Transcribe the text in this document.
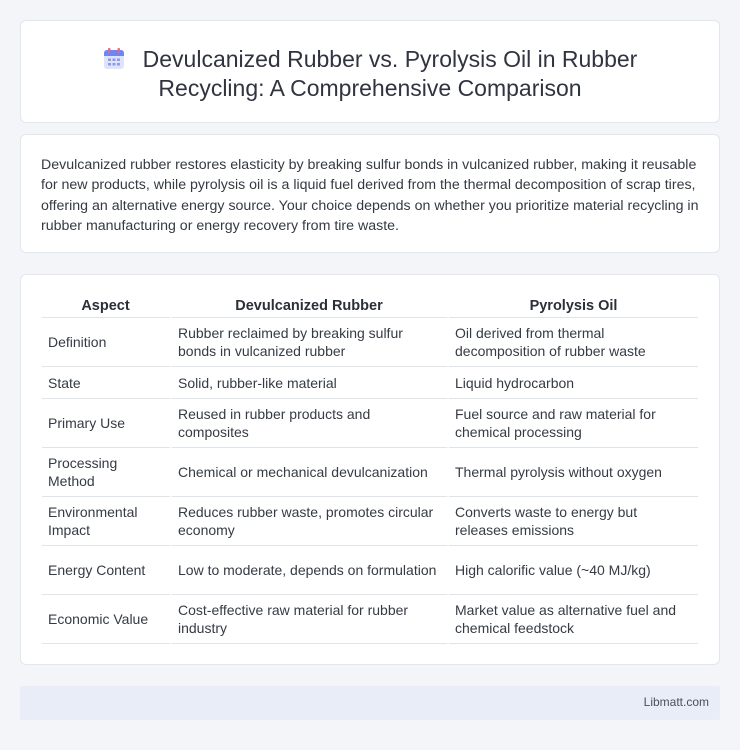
Devulcanized Rubber vs. Pyrolysis Oil in Rubber Recycling: A Comprehensive Comparison

Devulcanized rubber restores elasticity by breaking sulfur bonds in vulcanized rubber, making it reusable for new products, while pyrolysis oil is a liquid fuel derived from the thermal decomposition of scrap tires, offering an alternative energy source. Your choice depends on whether you prioritize material recycling in rubber manufacturing or energy recovery from tire waste.

Aspect	Devulcanized Rubber	Pyrolysis Oil
Definition	Rubber reclaimed by breaking sulfur bonds in vulcanized rubber	Oil derived from thermal decomposition of rubber waste
State	Solid, rubber-like material	Liquid hydrocarbon
Primary Use	Reused in rubber products and composites	Fuel source and raw material for chemical processing
Processing Method	Chemical or mechanical devulcanization	Thermal pyrolysis without oxygen
Environmental Impact	Reduces rubber waste, promotes circular economy	Converts waste to energy but releases emissions
Energy Content	Low to moderate, depends on formulation	High calorific value (~40 MJ/kg)
Economic Value	Cost-effective raw material for rubber industry	Market value as alternative fuel and chemical feedstock
Libmatt.com
